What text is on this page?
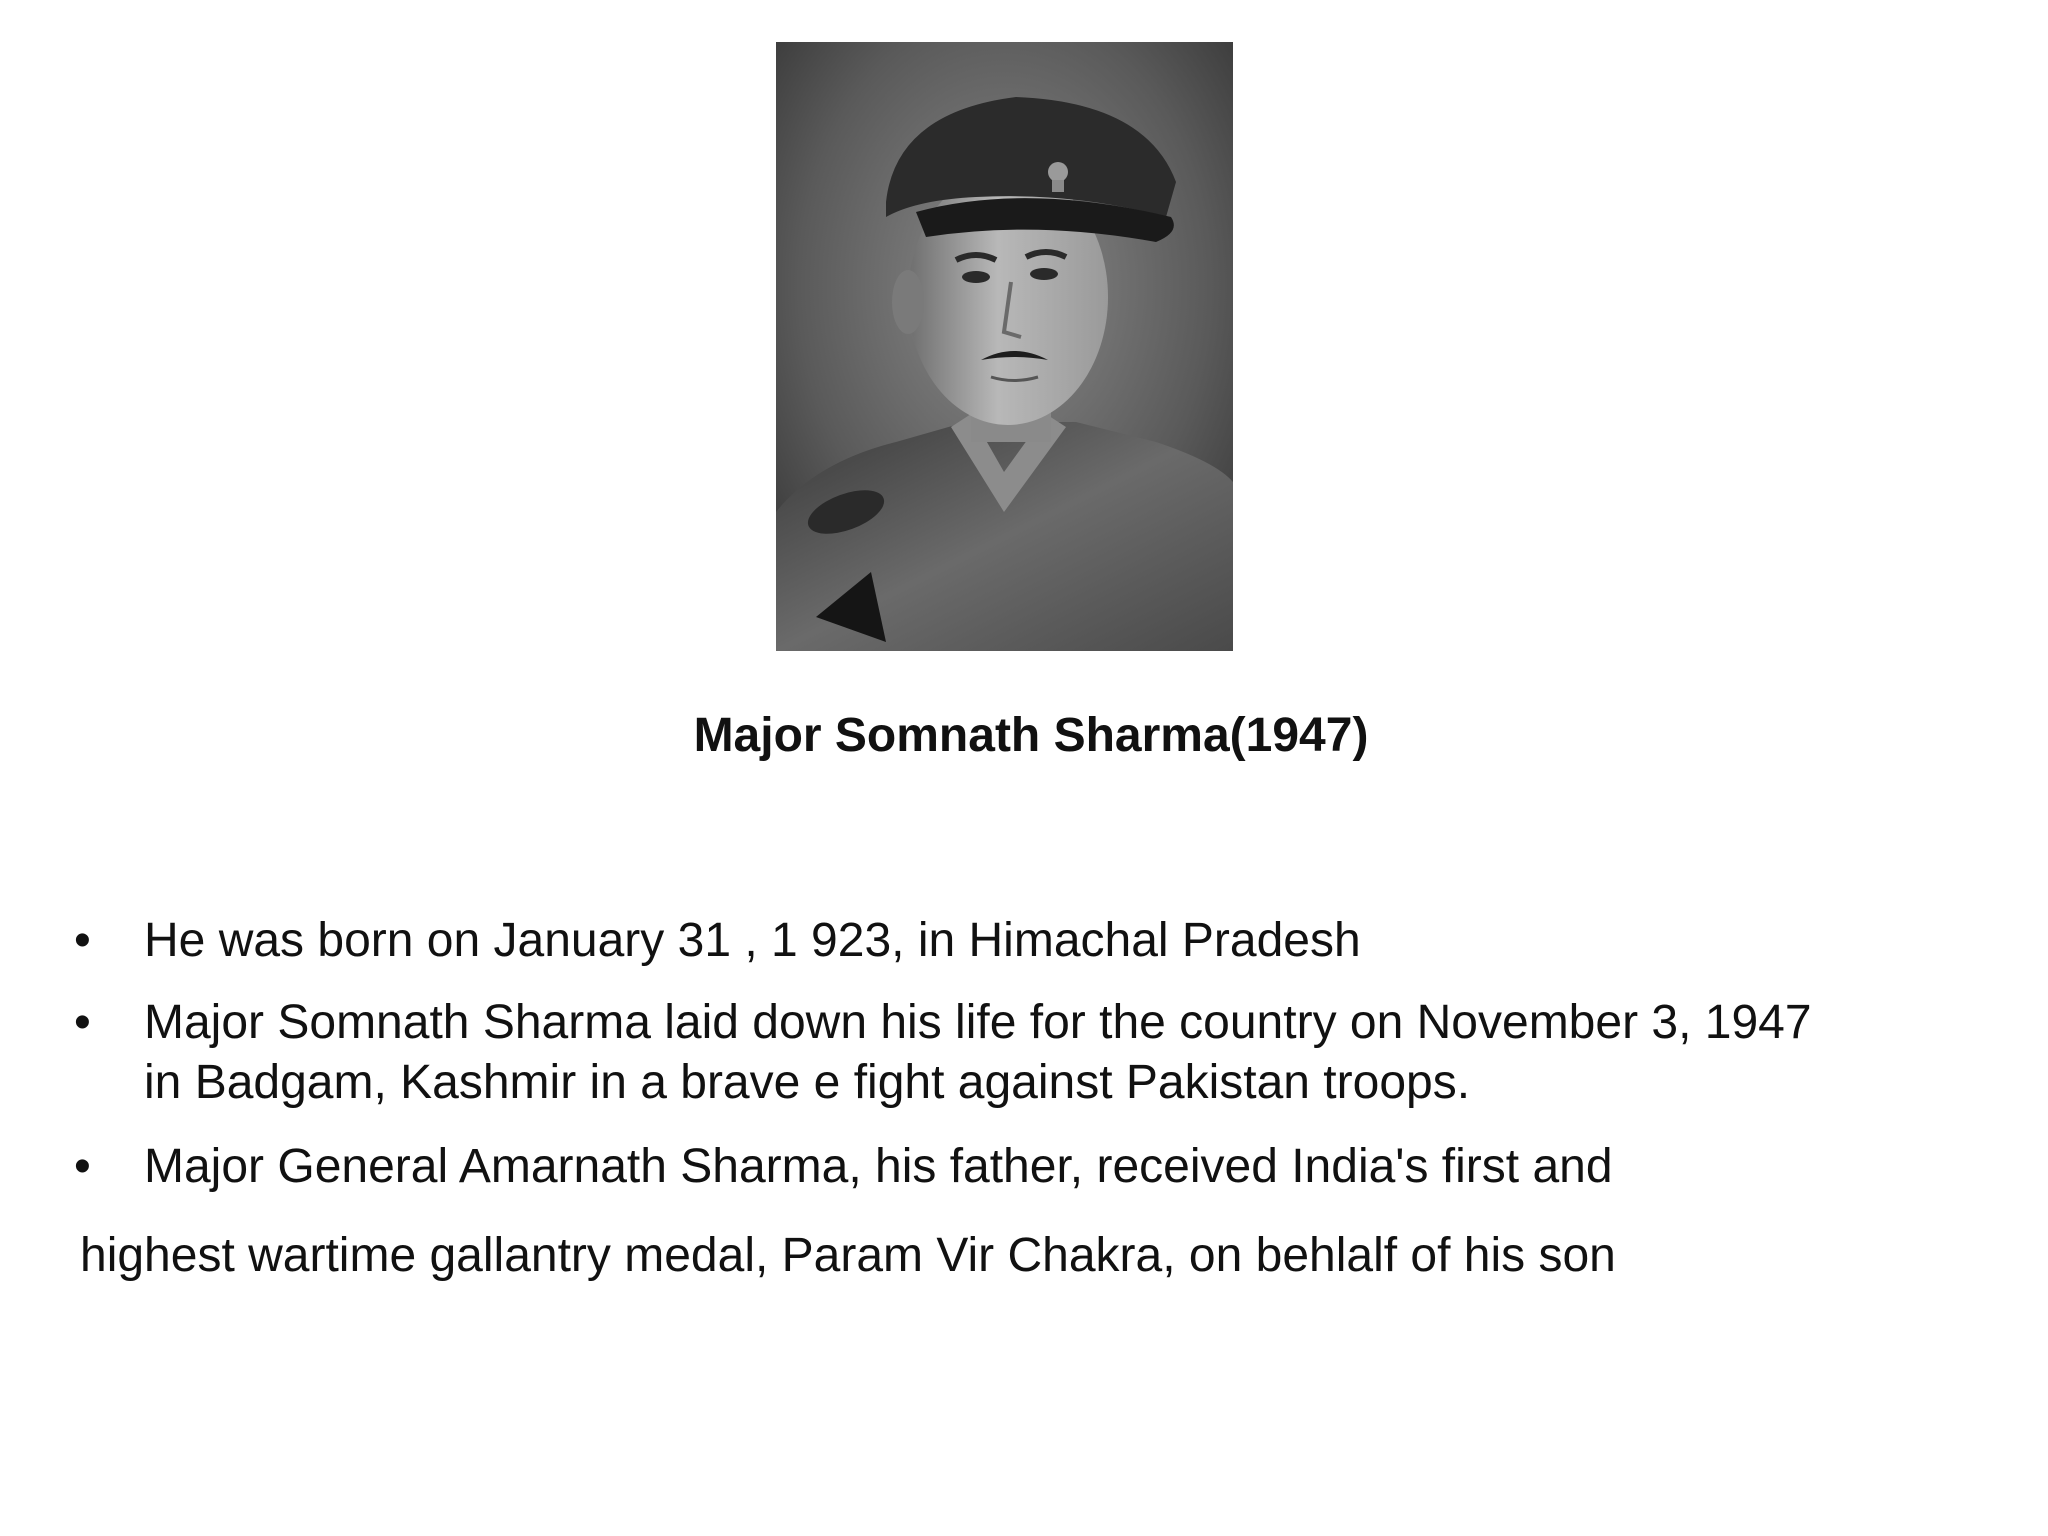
Major Somnath Sharma(1947)
• He was born on January 31 , 1 923, in Himachal Pradesh
• Major Somnath Sharma laid down his life for the country on November 3, 1947
in Badgam, Kashmir in a brave e fight against Pakistan troops.
• Major General Amarnath Sharma, his father, received India's first and
highest wartime gallantry medal, Param Vir Chakra, on behlalf of his son
